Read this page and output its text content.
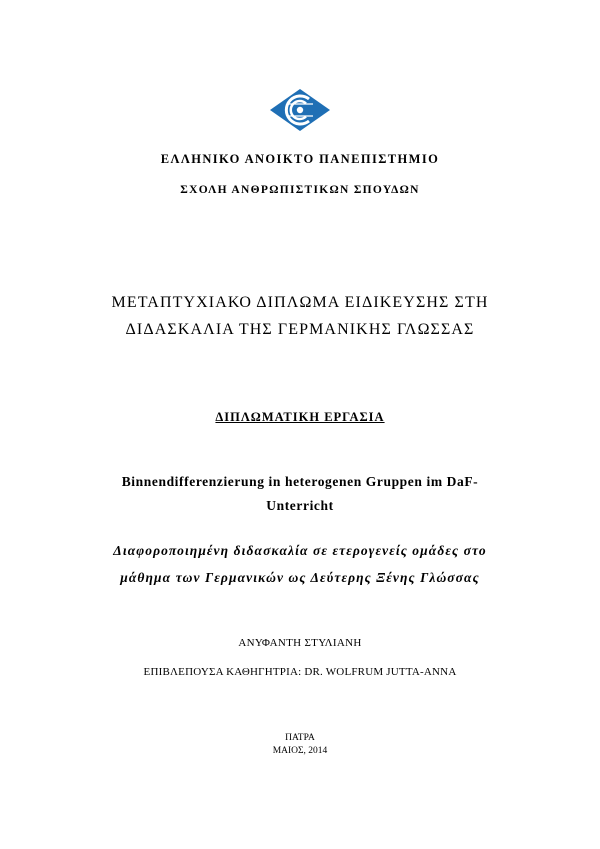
ΕΛΛΗΝΙΚΟ ΑΝΟΙΚΤΟ ΠΑΝΕΠΙΣΤΗΜΙΟ
ΣΧΟΛΗ ΑΝΘΡΩΠΙΣΤΙΚΩΝ ΣΠΟΥΔΩΝ
ΜΕΤΑΠΤΥΧΙΑΚΟ ΔΙΠΛΩΜΑ ΕΙΔΙΚΕΥΣΗΣ ΣΤΗ
ΔΙΔΑΣΚΑΛΙΑ ΤΗΣ ΓΕΡΜΑΝΙΚΗΣ ΓΛΩΣΣΑΣ
ΔΙΠΛΩΜΑΤΙΚΗ ΕΡΓΑΣΙΑ
Binnendifferenzierung in heterogenen Gruppen im DaF-
Unterricht
Διαφοροποιημένη διδασκαλία σε ετερογενείς ομάδες στο
μάθημα των Γερμανικών ως Δεύτερης Ξένης Γλώσσας
ΑΝΥΦΑΝΤΗ ΣΤΥΛΙΑΝΗ
ΕΠΙΒΛΕΠΟΥΣΑ ΚΑΘΗΓΗΤΡΙΑ: DR. WOLFRUM JUTTA-ANNA
ΠΑΤΡΑ
ΜΑΙΟΣ, 2014
